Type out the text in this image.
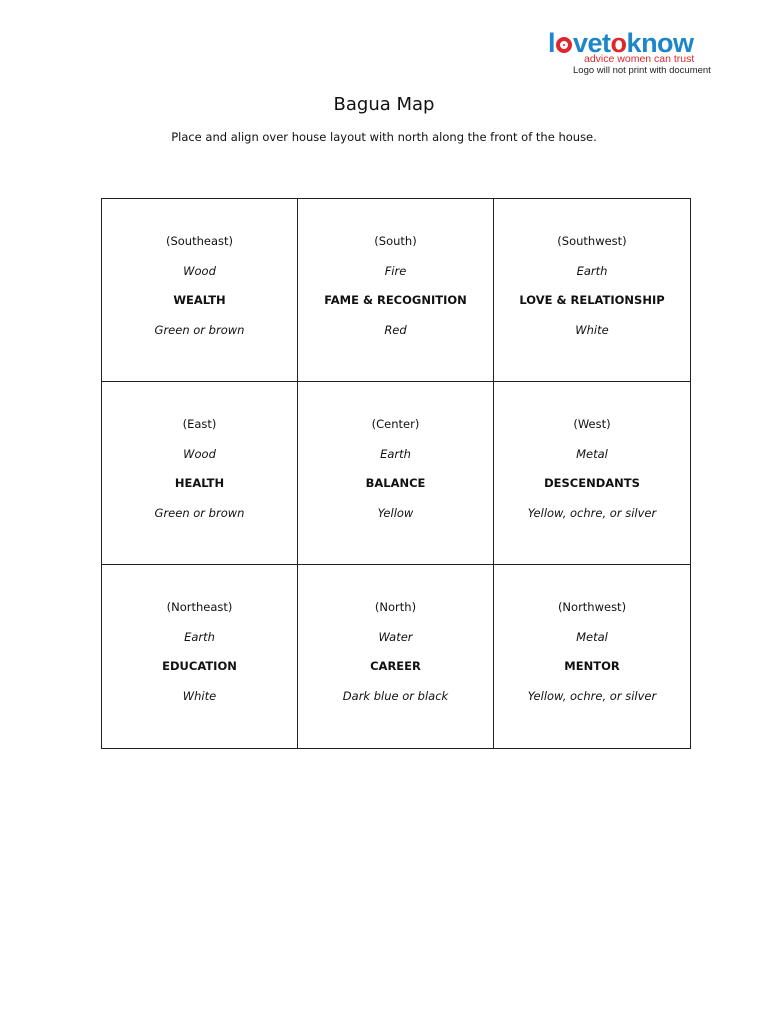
l vetoknow
advice women can trust
Logo will not print with document
Bagua Map
Place and align over house layout with north along the front of the house.
(Southeast)
Wood
WEALTH
Green or brown
(South)
Fire
FAME & RECOGNITION
Red
(Southwest)
Earth
LOVE & RELATIONSHIP
White
(East)
Wood
HEALTH
Green or brown
(Center)
Earth
BALANCE
Yellow
(West)
Metal
DESCENDANTS
Yellow, ochre, or silver
(Northeast)
Earth
EDUCATION
White
(North)
Water
CAREER
Dark blue or black
(Northwest)
Metal
MENTOR
Yellow, ochre, or silver
